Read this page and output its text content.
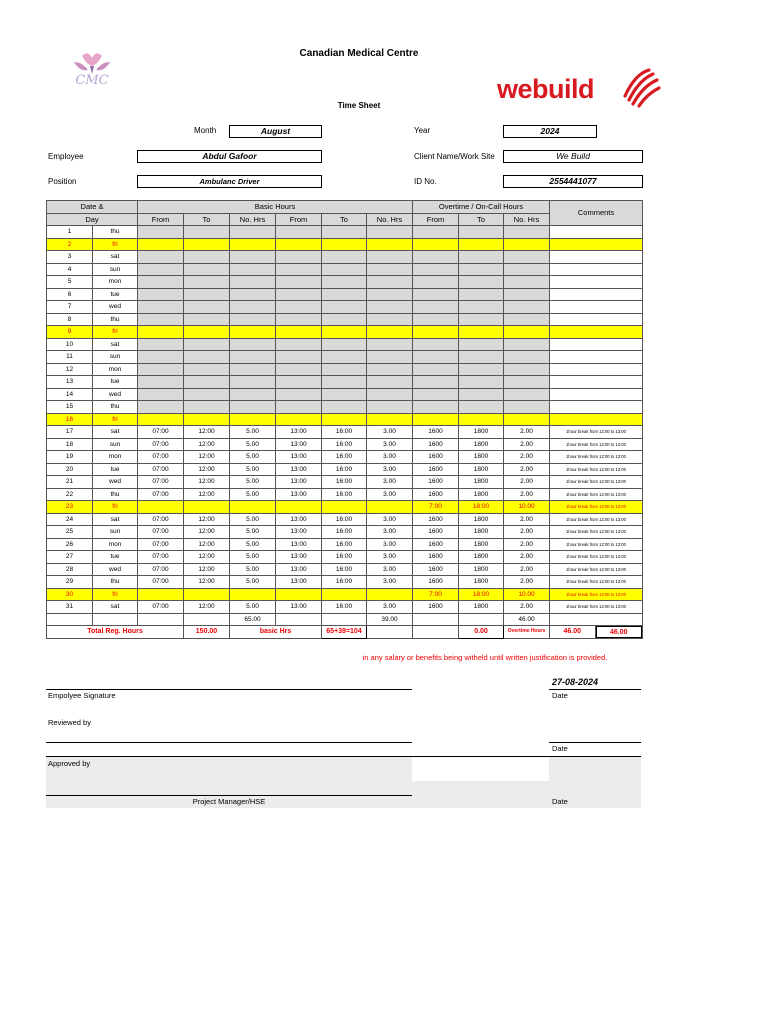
Canadian Medical Centre
CMC	webuild
Time Sheet
Month	August	Year	2024
Employee	Abdul Gafoor	Client Name/Work Site	We Build
Position	Ambulanc Driver	ID No.	2554441077
Date &		Basic Hours						Overtime / On-Call Hours			Comments
Day		From	To	No. Hrs	From	To	No. Hrs	From	To	No. Hrs	
1	thu										
2	fri										
3	sat										
4	sun										
5	mon										
6	tue										
7	wed										
8	thu										
9	fri										
10	sat										
11	sun										
12	mon										
13	tue										
14	wed										
15	thu										
16	fri										
17	sat	07:00	12:00	5.00	13:00	16:00	3.00	1600	1800	2.00	1hour break from 12:00 to 13:00
18	sun	07:00	12:00	5.00	13:00	16:00	3.00	1600	1800	2.00	1hour break from 12:00 to 13:00
19	mon	07:00	12:00	5.00	13:00	16:00	3.00	1600	1800	2.00	1hour break from 12:00 to 13:00
20	tue	07:00	12:00	5.00	13:00	16:00	3.00	1600	1800	2.00	1hour break from 12:00 to 13:00
21	wed	07:00	12:00	5.00	13:00	16:00	3.00	1600	1800	2.00	1hour break from 12:00 to 13:00
22	thu	07:00	12:00	5.00	13:00	16:00	3.00	1600	1800	2.00	1hour break from 12:00 to 13:00
23	fri							7:00	18:00	10.00	1hour break from 12:00 to 13:00
24	sat	07:00	12:00	5.00	13:00	16:00	3.00	1600	1800	2.00	1hour break from 12:00 to 13:00
25	sun	07:00	12:00	5.00	13:00	16:00	3.00	1600	1800	2.00	1hour break from 12:00 to 13:00
26	mon	07:00	12:00	5.00	13:00	16:00	3.00	1600	1800	2.00	1hour break from 12:00 to 13:00
27	tue	07:00	12:00	5.00	13:00	16:00	3.00	1600	1800	2.00	1hour break from 12:00 to 13:00
28	wed	07:00	12:00	5.00	13:00	16:00	3.00	1600	1800	2.00	1hour break from 12:00 to 13:00
29	thu	07:00	12:00	5.00	13:00	16:00	3.00	1600	1800	2.00	1hour break from 12:00 to 13:00
30	fri							7:00	18:00	10.00	1hour break from 12:00 to 13:00
31	sat	07:00	12:00	5.00	13:00	16:00	3.00	1600	1800	2.00	1hour break from 12:00 to 13:00
				65.00			39.00			46.00	
Total Reg. Hours			150.00	basic Hrs		65+39=104			0.00	Overtime Hours	46.00 46.00
in any salary or benefits being witheld until written justification is provided.
27-08-2024
Empolyee Signature	Date
Reviewed by
Date
Approved by
Project Manager/HSE	Date
